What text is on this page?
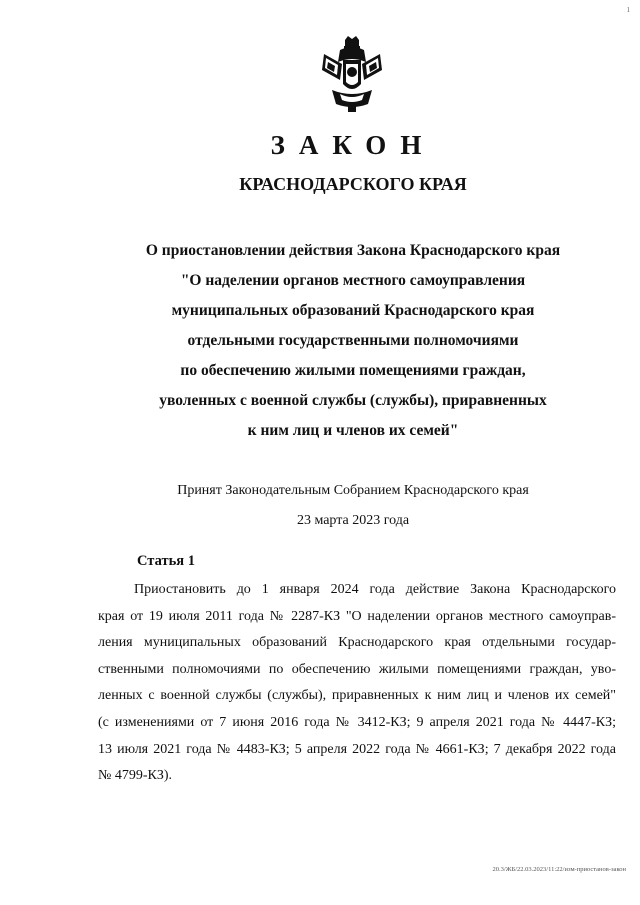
1
ЗАКОН
КРАСНОДАРСКОГО КРАЯ
О приостановлении действия Закона Краснодарского края
"О наделении органов местного самоуправления
муниципальных образований Краснодарского края
отдельными государственными полномочиями
по обеспечению жилыми помещениями граждан,
уволенных с военной службы (службы), приравненных
к ним лиц и членов их семей"
Принят Законодательным Собранием Краснодарского края
23 марта 2023 года
Статья 1
Приостановить до 1 января 2024 года действие Закона Краснодарского
края от 19 июля 2011 года № 2287-КЗ "О наделении органов местного самоуправ-
ления муниципальных образований Краснодарского края отдельными государ-
ственными полномочиями по обеспечению жилыми помещениями граждан, уво-
ленных с военной службы (службы), приравненных к ним лиц и членов их семей"
(с изменениями от 7 июня 2016 года № 3412-КЗ; 9 апреля 2021 года № 4447-КЗ;
13 июля 2021 года № 4483-КЗ; 5 апреля 2022 года № 4661-КЗ; 7 декабря 2022 года
№ 4799-КЗ).
20.3/ЖБ/22.03.2023/11:22/изм-приостанов-закон
